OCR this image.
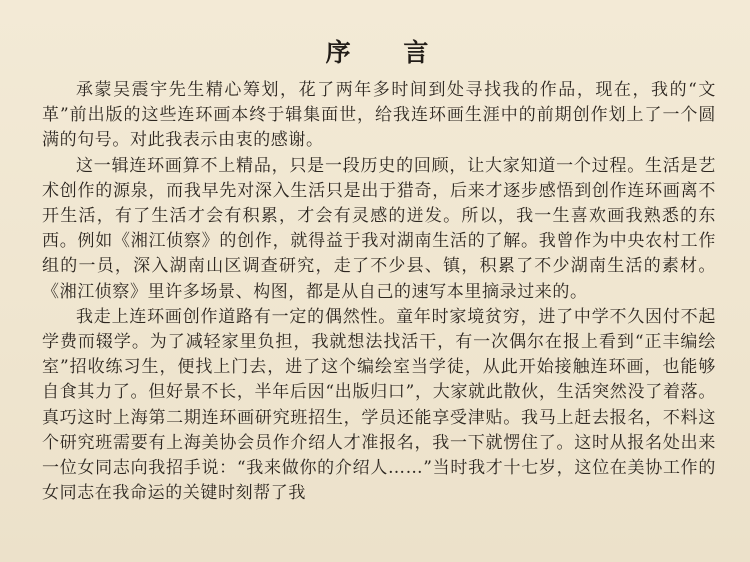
序 言

承蒙吴震宇先生精心筹划，花了两年多时间到处寻找我的作品，现在，我的“文革”前出版的这些连环画本终于辑集面世，给我连环画生涯中的前期创作划上了一个圆满的句号。对此我表示由衷的感谢。

这一辑连环画算不上精品，只是一段历史的回顾，让大家知道一个过程。生活是艺术创作的源泉，而我早先对深入生活只是出于猎奇，后来才逐步感悟到创作连环画离不开生活，有了生活才会有积累，才会有灵感的迸发。所以，我一生喜欢画我熟悉的东西。例如《湘江侦察》的创作，就得益于我对湖南生活的了解。我曾作为中央农村工作组的一员，深入湖南山区调查研究，走了不少县、镇，积累了不少湖南生活的素材。《湘江侦察》里许多场景、构图，都是从自己的速写本里摘录过来的。

我走上连环画创作道路有一定的偶然性。童年时家境贫穷，进了中学不久因付不起学费而辍学。为了减轻家里负担，我就想法找活干，有一次偶尔在报上看到“正丰编绘室”招收练习生，便找上门去，进了这个编绘室当学徒，从此开始接触连环画，也能够自食其力了。但好景不长，半年后因“出版归口”，大家就此散伙，生活突然没了着落。真巧这时上海第二期连环画研究班招生，学员还能享受津贴。我马上赶去报名，不料这个研究班需要有上海美协会员作介绍人才准报名，我一下就愣住了。这时从报名处出来一位女同志向我招手说：“我来做你的介绍人……”当时我才十七岁，这位在美协工作的女同志在我命运的关键时刻帮了我
